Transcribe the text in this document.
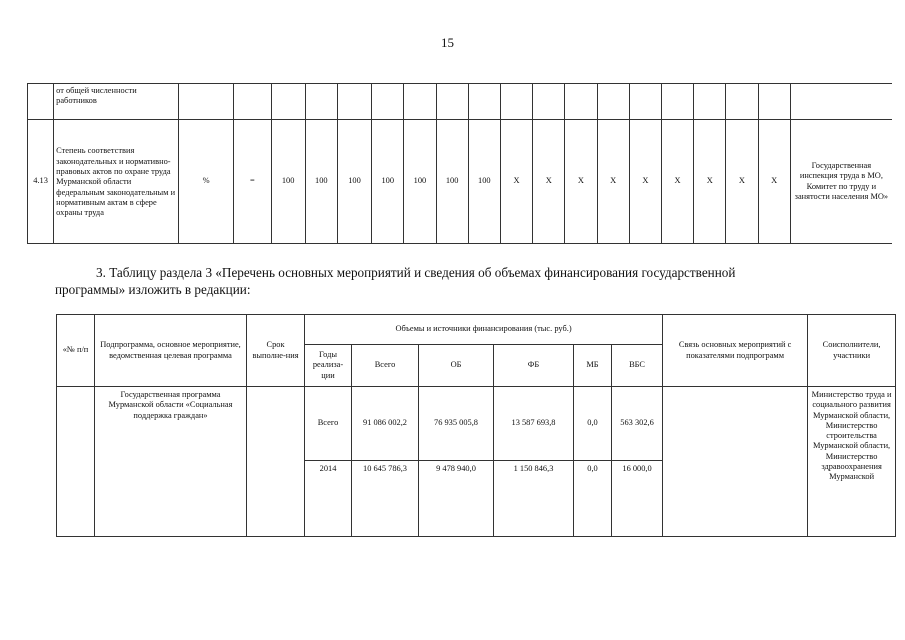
15
	от общей численности работников																			
4.13	Степень соответствия законодательных и нормативно-правовых актов по охране труда Мурманской области федеральным законодательным и нормативным актам в сфере охраны труда	%	=	100	100	100	100	100	100	100	X	X	X	X	X	X	X	X	X	Государственная инспекция труда в МО, Комитет по труду и занятости населения МО»
3. Таблицу раздела 3 «Перечень основных мероприятий и сведения об объемах финансирования государственной
программы» изложить в редакции:
«№ п/п	Подпрограмма, основное мероприятие, ведомственная целевая программа	Срок выполне-ния	Объемы и источники финансирования (тыс. руб.)						Связь основных мероприятий с показателями подпрограмм	Соисполнители, участники
			Годы реализа-ции	Всего	ОБ	ФБ	МБ	ВБС		
	Государственная программа Мурманской области «Социальная поддержка граждан»		Всего	91 086 002,2	76 935 005,8	13 587 693,8	0,0	563 302,6		Министерство труда и социального развития Мурманской области, Министерство строительства Мурманской области, Министерство здравоохранения Мурманской
			2014	10 645 786,3	9 478 940,0	1 150 846,3	0,0	16 000,0		
